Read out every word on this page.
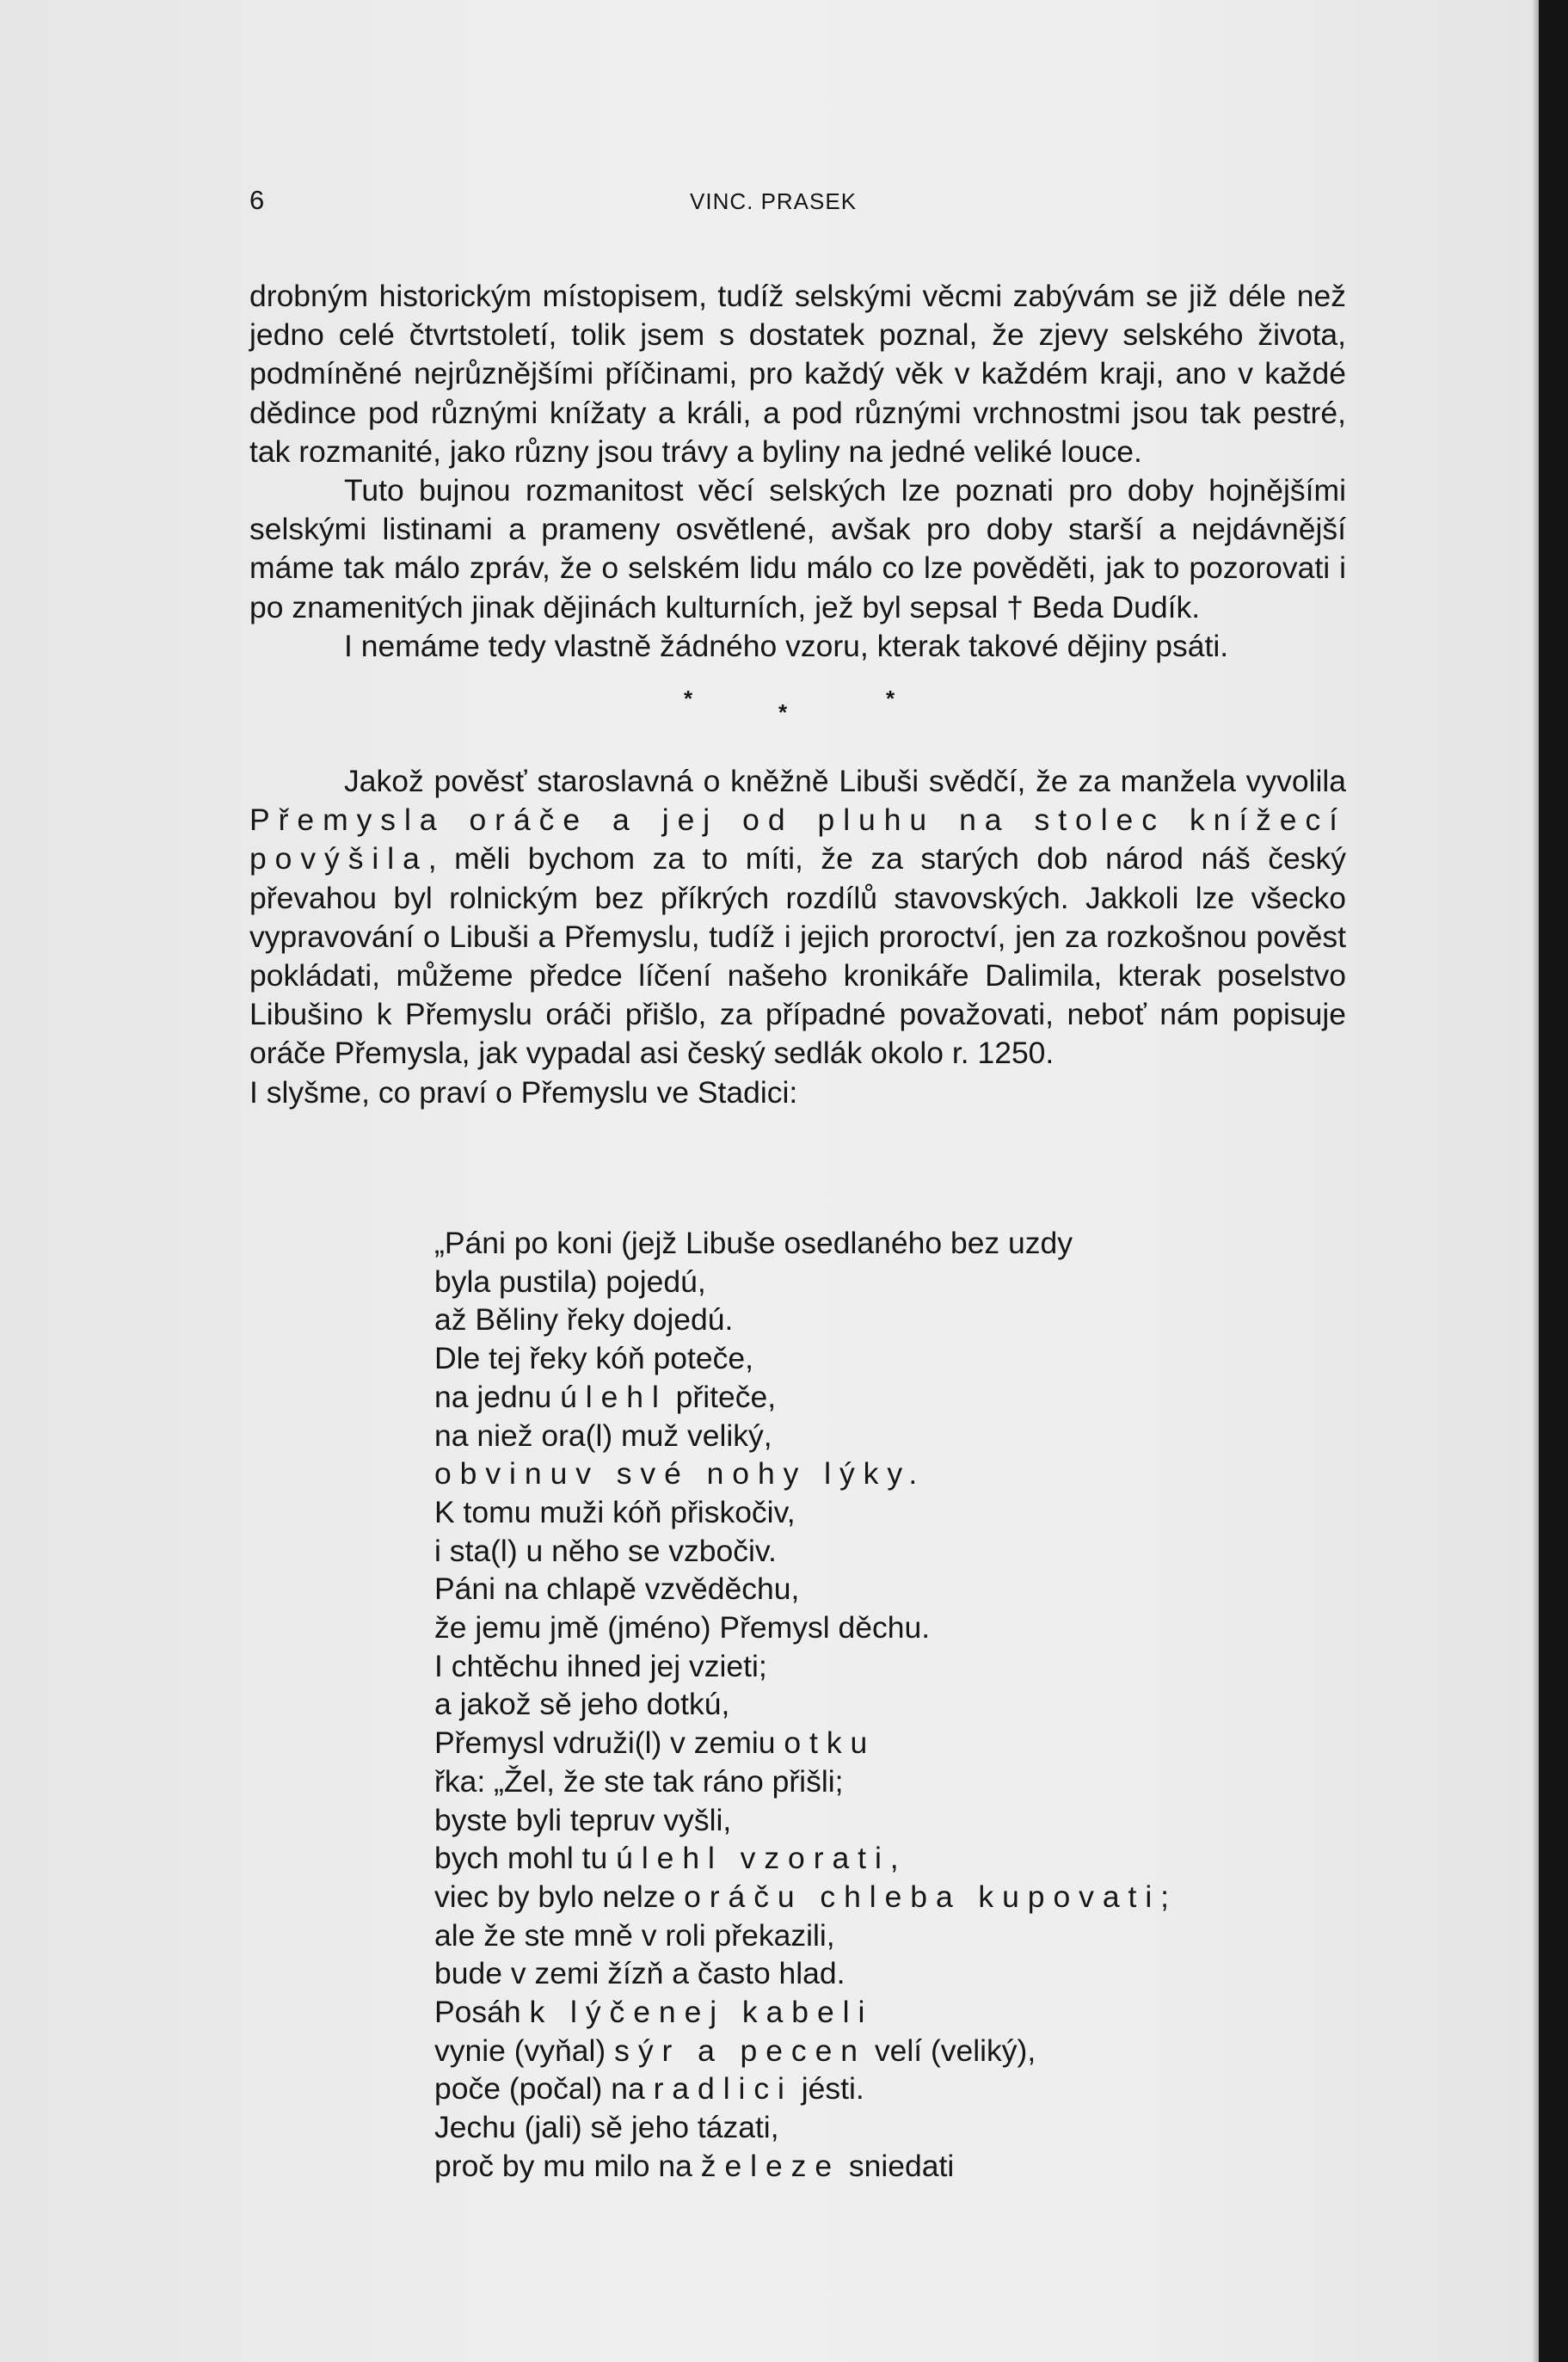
6	VINC. PRASEK

drobným historickým místopisem, tudíž selskými věcmi zabývám se již déle než jedno celé čtvrtstoletí, tolik jsem s dostatek poznal, že zjevy selského života, podmíněné nejrůznějšími příčinami, pro každý věk v každém kraji, ano v každé dědince pod různými knížaty a králi, a pod různými vrchnostmi jsou tak pestré, tak rozmanité, jako různy jsou trávy a byliny na jedné veliké louce.

Tuto bujnou rozmanitost věcí selských lze poznati pro doby hojnějšími selskými listinami a prameny osvětlené, avšak pro doby starší a nejdávnější máme tak málo zpráv, že o selském lidu málo co lze pověděti, jak to pozorovati i po znamenitých jinak dějinách kulturních, jež byl sepsal † Beda Dudík.

I nemáme tedy vlastně žádného vzoru, kterak takové dějiny psáti.

*
*
*

Jakož pověsť staroslavná o kněžně Libuši svědčí, že za manžela vyvolila Přemysla oráče a jej od pluhu na stolec knížecí povýšila, měli bychom za to míti, že za starých dob národ náš český převahou byl rolnickým bez příkrých rozdílů stavovských. Jakkoli lze všecko vypravování o Libuši a Přemyslu, tudíž i jejich proroctví, jen za rozkošnou pověst pokládati, můžeme předce líčení našeho kronikáře Dalimila, kterak poselstvo Libušino k Přemyslu oráči přišlo, za případné považovati, neboť nám popisuje oráče Přemysla, jak vypadal asi český sedlák okolo r. 1250.

I slyšme, co praví o Přemyslu ve Stadici:

„Páni po koni (jejž Libuše osedlaného bez uzdy
byla pustila) pojedú,
až Běliny řeky dojedú.
Dle tej řeky kóň poteče,
na jednu úlehl přiteče,
na niež ora(l) muž veliký,
obvinuv své nohy lýky.
K tomu muži kóň přiskočiv,
i sta(l) u něho se vzbočiv.
Páni na chlapě vzvěděchu,
že jemu jmě (jméno) Přemysl děchu.
I chtěchu ihned jej vzieti;
a jakož sě jeho dotkú,
Přemysl vdruži(l) v zemiu otku
řka: „Žel, že ste tak ráno přišli;
byste byli tepruv vyšli,
bych mohl tu úlehl vzorati,
viec by bylo nelze oráču chleba kupovati;
ale že ste mně v roli překazili,
bude v zemi žízň a často hlad.
Posáh k lýčenej kabeli
vynie (vyňal) sýr a pecen velí (veliký),
poče (počal) na radlici jésti.
Jechu (jali) sě jeho tázati,
proč by mu milo na železe sniedati
